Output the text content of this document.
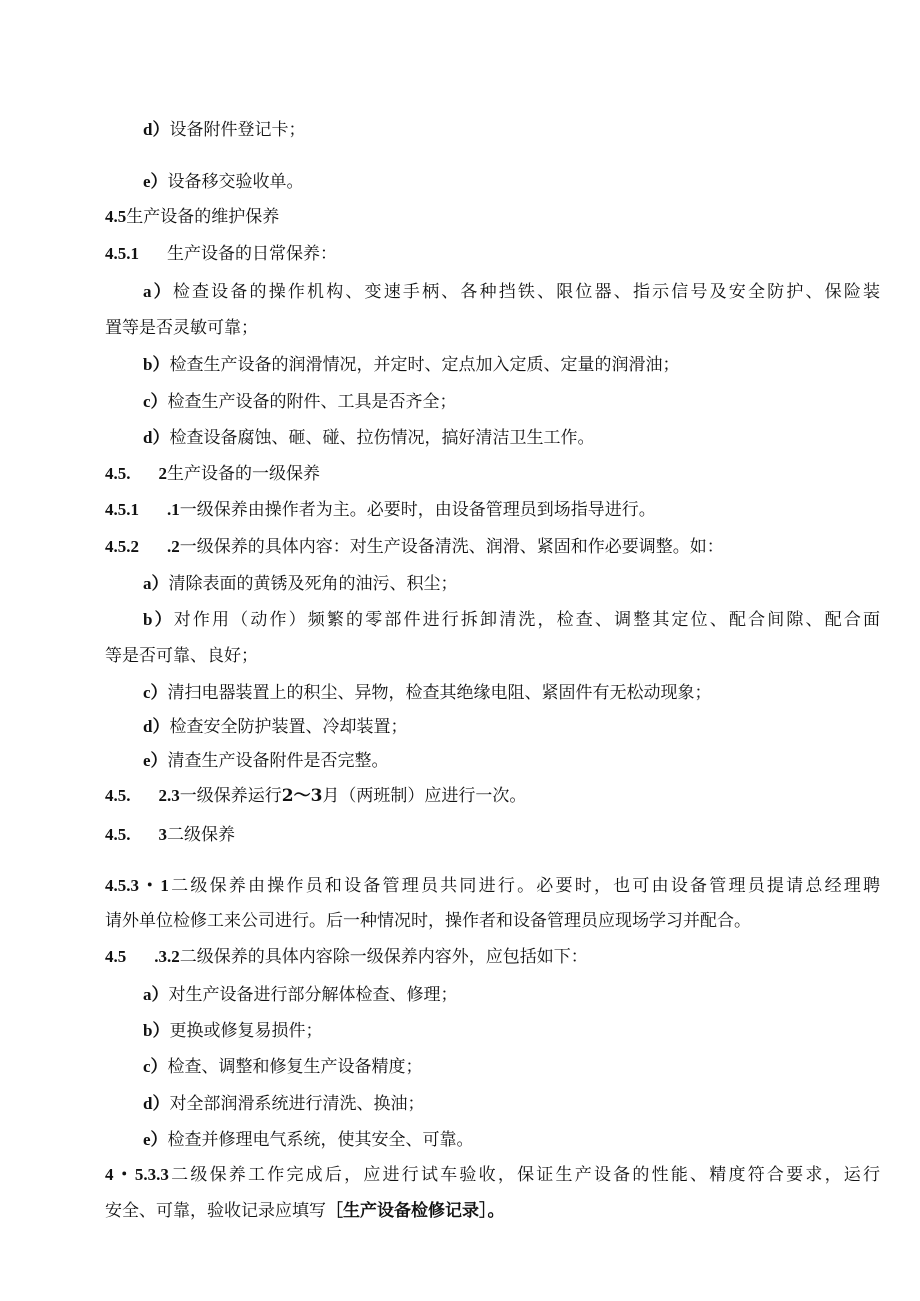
d）设备附件登记卡；
e）设备移交验收单。
4.5生产设备的维护保养
4.5.1 生产设备的日常保养：
a）检查设备的操作机构、变速手柄、各种挡铁、限位器、指示信号及安全防护、保险装
置等是否灵敏可靠；
b）检查生产设备的润滑情况，并定时、定点加入定质、定量的润滑油；
c）检查生产设备的附件、工具是否齐全；
d）检查设备腐蚀、砸、碰、拉伤情况，搞好清洁卫生工作。
4.5. 2生产设备的一级保养
4.5.1 .1一级保养由操作者为主。必要时，由设备管理员到场指导进行。
4.5.2 .2一级保养的具体内容：对生产设备清洗、润滑、紧固和作必要调整。如：
a）清除表面的黄锈及死角的油污、积尘；
b）对作用（动作）频繁的零部件进行拆卸清洗，检查、调整其定位、配合间隙、配合面
等是否可靠、良好；
c）清扫电器装置上的积尘、异物，检查其绝缘电阻、紧固件有无松动现象；
d）检查安全防护装置、冷却装置；
e）清查生产设备附件是否完整。
4.5. 2.3一级保养运行2～3月（两班制）应进行一次。
4.5. 3二级保养
4.5.3・1二级保养由操作员和设备管理员共同进行。必要时，也可由设备管理员提请总经理聘
请外单位检修工来公司进行。后一种情况时，操作者和设备管理员应现场学习并配合。
4.5 .3.2二级保养的具体内容除一级保养内容外，应包括如下：
a）对生产设备进行部分解体检查、修理；
b）更换或修复易损件；
c）检查、调整和修复生产设备精度；
d）对全部润滑系统进行清洗、换油；
e）检查并修理电气系统，使其安全、可靠。
4・5.3.3二级保养工作完成后，应进行试车验收，保证生产设备的性能、精度符合要求，运行
安全、可靠，验收记录应填写［生产设备检修记录］。
